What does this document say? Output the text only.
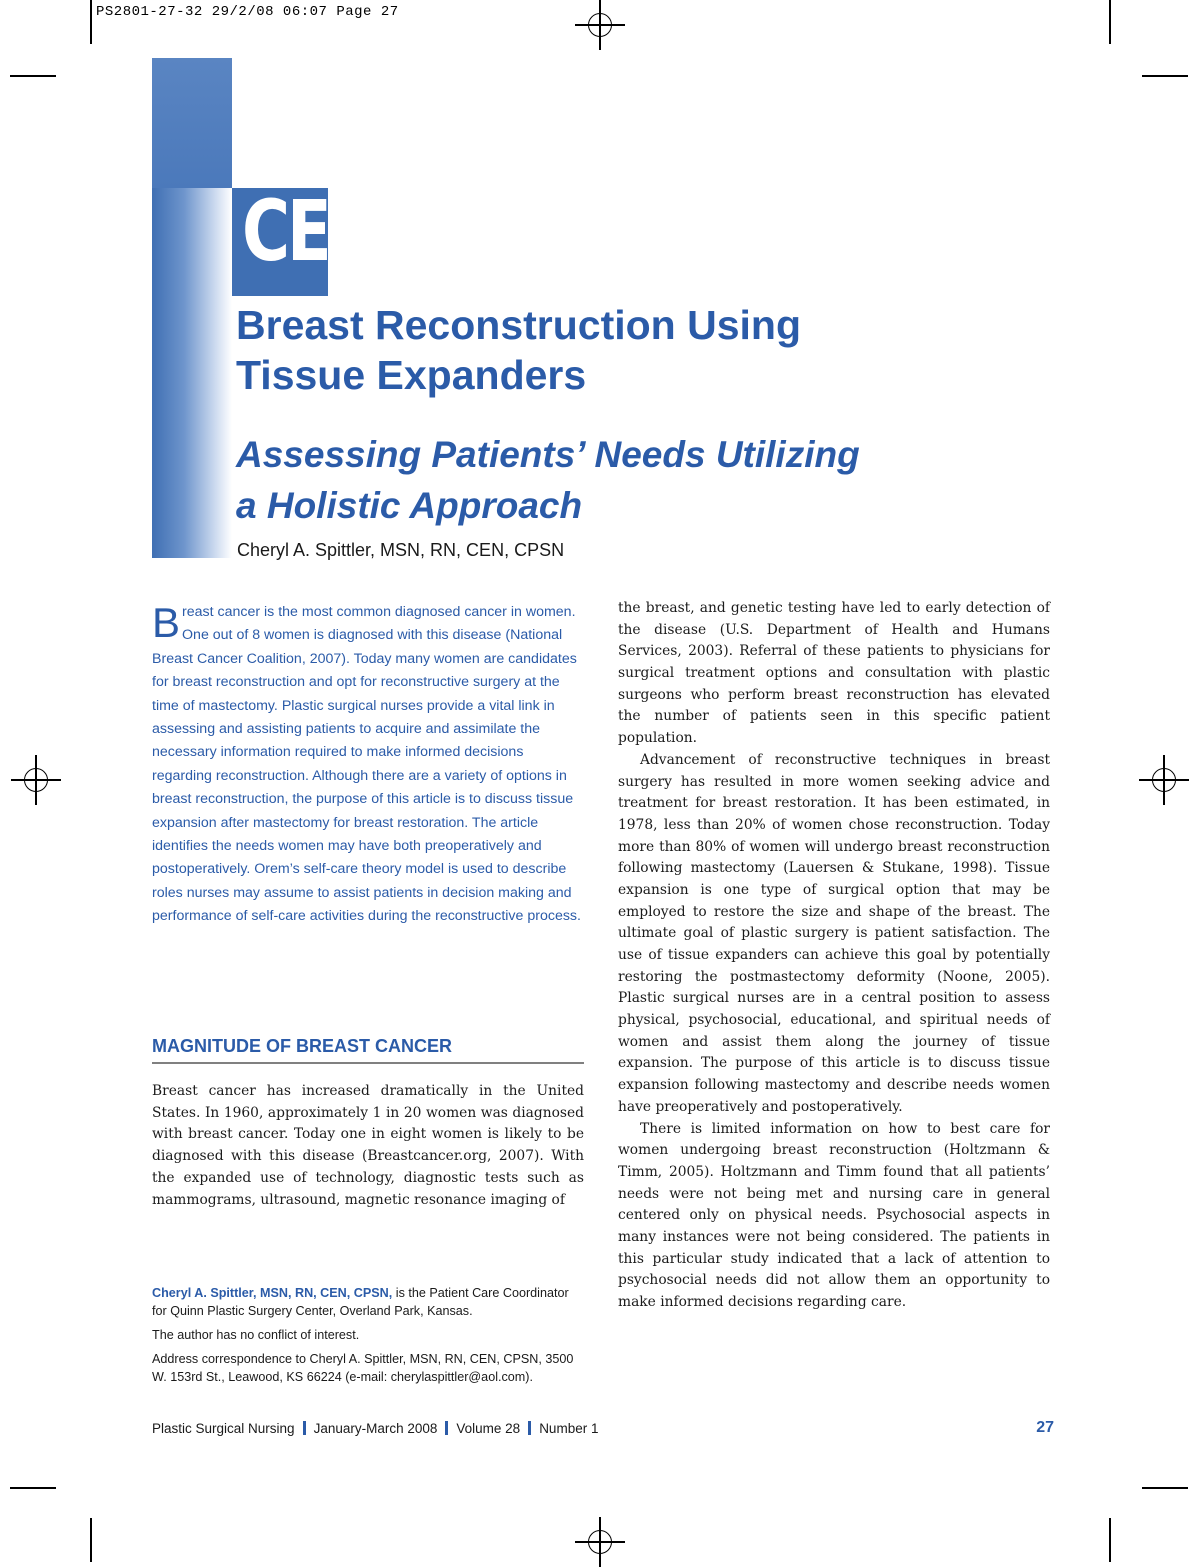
PS2801-27-32 29/2/08 06:07 Page 27
CE
Breast Reconstruction Using
Tissue Expanders
Assessing Patients’ Needs Utilizing
a Holistic Approach
Cheryl A. Spittler, MSN, RN, CEN, CPSN

Breast cancer is the most common diagnosed cancer in women. One out of 8 women is diagnosed with this disease (National Breast Cancer Coalition, 2007). Today many women are candidates for breast reconstruction and opt for reconstructive surgery at the time of mastectomy. Plastic surgical nurses provide a vital link in assessing and assisting patients to acquire and assimilate the necessary information required to make informed decisions regarding reconstruction. Although there are a variety of options in breast reconstruction, the purpose of this article is to discuss tissue expansion after mastectomy for breast restoration. The article identifies the needs women may have both preoperatively and postoperatively. Orem’s self-care theory model is used to describe roles nurses may assume to assist patients in decision making and performance of self-care activities during the reconstructive process.

MAGNITUDE OF BREAST CANCER

Breast cancer has increased dramatically in the United States. In 1960, approximately 1 in 20 women was diagnosed with breast cancer. Today one in eight women is likely to be diagnosed with this disease (Breastcancer.org, 2007). With the expanded use of technology, diagnostic tests such as mammograms, ultrasound, magnetic resonance imaging of

the breast, and genetic testing have led to early detection of the disease (U.S. Department of Health and Humans Services, 2003). Referral of these patients to physicians for surgical treatment options and consultation with plastic surgeons who perform breast reconstruction has elevated the number of patients seen in this specific patient population.

Advancement of reconstructive techniques in breast surgery has resulted in more women seeking advice and treatment for breast restoration. It has been estimated, in 1978, less than 20% of women chose reconstruction. Today more than 80% of women will undergo breast reconstruction following mastectomy (Lauersen & Stukane, 1998). Tissue expansion is one type of surgical option that may be employed to restore the size and shape of the breast. The ultimate goal of plastic surgery is patient satisfaction. The use of tissue expanders can achieve this goal by potentially restoring the postmastectomy deformity (Noone, 2005). Plastic surgical nurses are in a central position to assess physical, psychosocial, educational, and spiritual needs of women and assist them along the journey of tissue expansion. The purpose of this article is to discuss tissue expansion following mastectomy and describe needs women have preoperatively and postoperatively.

There is limited information on how to best care for women undergoing breast reconstruction (Holtzmann & Timm, 2005). Holtzmann and Timm found that all patients’ needs were not being met and nursing care in general centered only on physical needs. Psychosocial aspects in many instances were not being considered. The patients in this particular study indicated that a lack of attention to psychosocial needs did not allow them an opportunity to make informed decisions regarding care.

Cheryl A. Spittler, MSN, RN, CEN, CPSN, is the Patient Care Coordinator for Quinn Plastic Surgery Center, Overland Park, Kansas.

The author has no conflict of interest.

Address correspondence to Cheryl A. Spittler, MSN, RN, CEN, CPSN, 3500 W. 153rd St., Leawood, KS 66224 (e-mail: cherylaspittler@aol.com).

Plastic Surgical Nursing January-March 2008 Volume 28 Number 1	27
